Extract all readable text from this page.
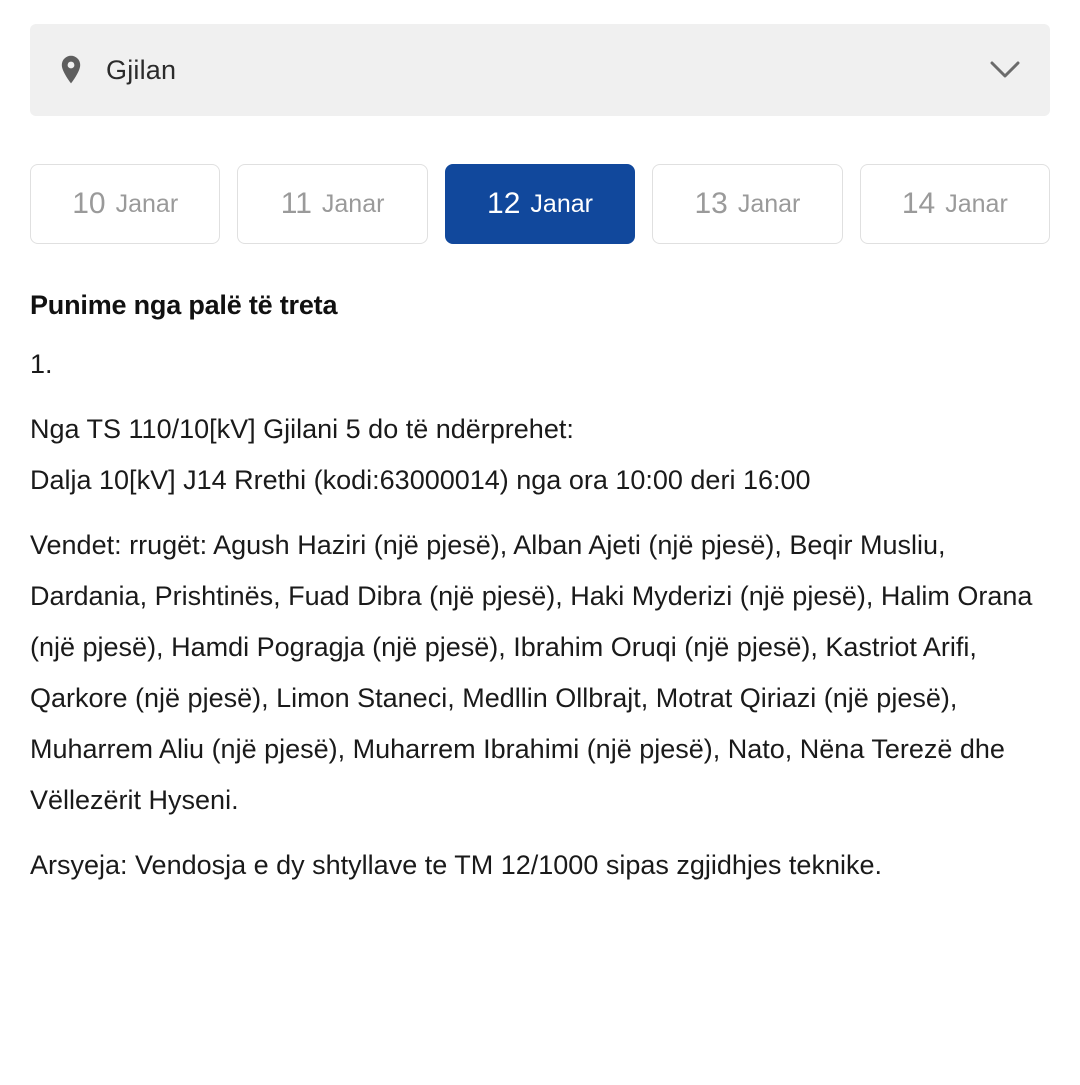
Gjilan
10 Janar	11 Janar	12 Janar	13 Janar	14 Janar
Punime nga palë të treta
1.
Nga TS 110/10[kV] Gjilani 5 do të ndërprehet:
Dalja 10[kV] J14 Rrethi (kodi:63000014) nga ora 10:00 deri 16:00
Vendet: rrugët: Agush Haziri (një pjesë), Alban Ajeti (një pjesë), Beqir Musliu, Dardania, Prishtinës, Fuad Dibra (një pjesë), Haki Myderizi (një pjesë), Halim Orana (një pjesë), Hamdi Pogragja (një pjesë), Ibrahim Oruqi (një pjesë), Kastriot Arifi, Qarkore (një pjesë), Limon Staneci, Medllin Ollbrajt, Motrat Qiriazi (një pjesë), Muharrem Aliu (një pjesë), Muharrem Ibrahimi (një pjesë), Nato, Nëna Terezë dhe Vëllezërit Hyseni.
Arsyeja: Vendosja e dy shtyllave te TM 12/1000 sipas zgjidhjes teknike.
